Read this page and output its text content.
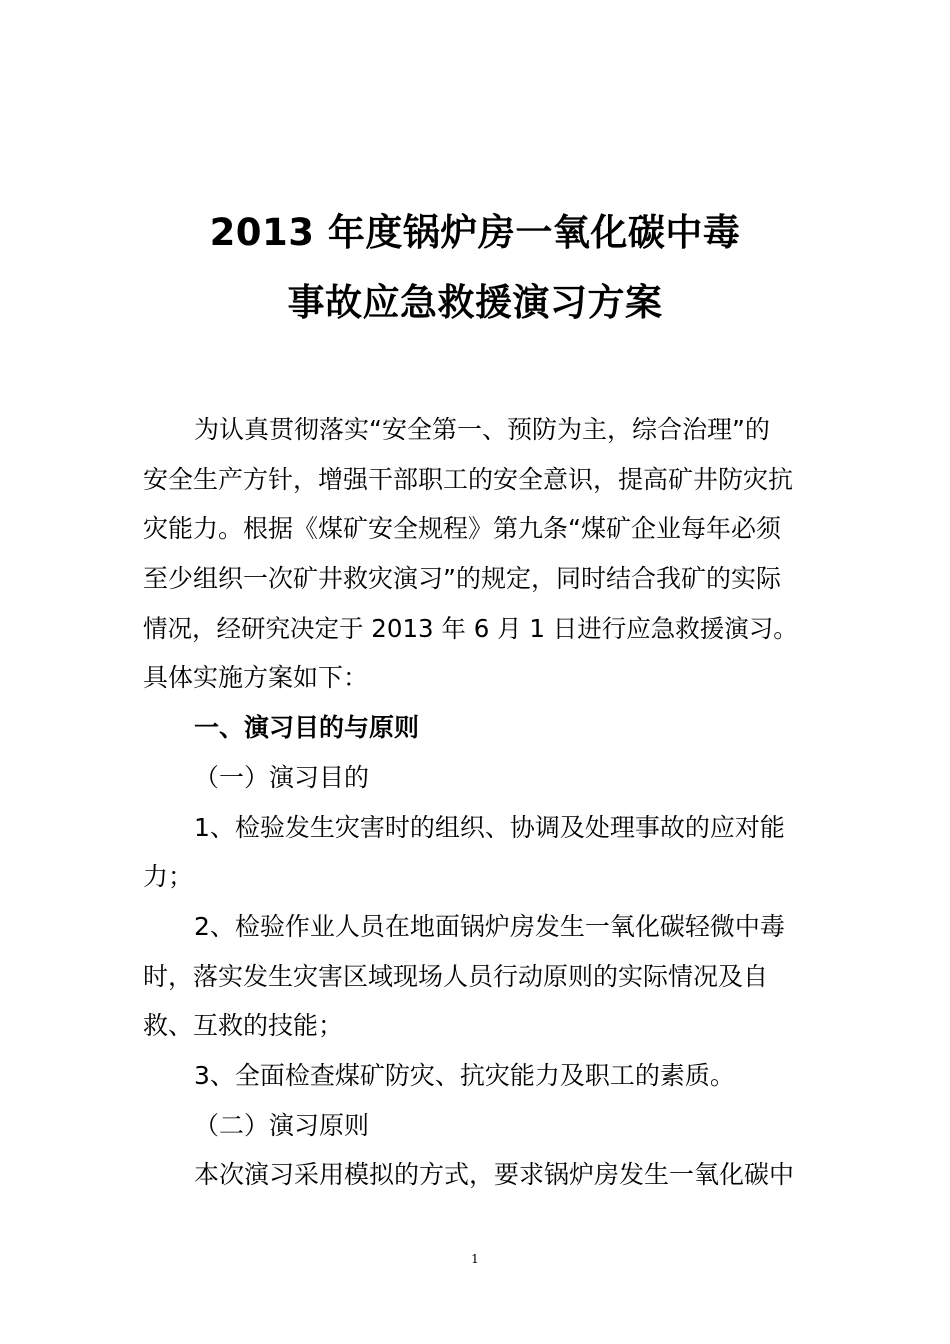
2013 年度锅炉房一氧化碳中毒
事故应急救援演习方案
为认真贯彻落实“安全第一、预防为主，综合治理”的
安全生产方针，增强干部职工的安全意识，提高矿井防灾抗
灾能力。根据《煤矿安全规程》第九条“煤矿企业每年必须
至少组织一次矿井救灾演习”的规定，同时结合我矿的实际
情况，经研究决定于 2013 年 6 月 1 日进行应急救援演习。
具体实施方案如下：
一、演习目的与原则
（一）演习目的
1、检验发生灾害时的组织、协调及处理事故的应对能
力；
2、检验作业人员在地面锅炉房发生一氧化碳轻微中毒
时，落实发生灾害区域现场人员行动原则的实际情况及自
救、互救的技能；
3、全面检查煤矿防灾、抗灾能力及职工的素质。
（二）演习原则
本次演习采用模拟的方式，要求锅炉房发生一氧化碳中
1
